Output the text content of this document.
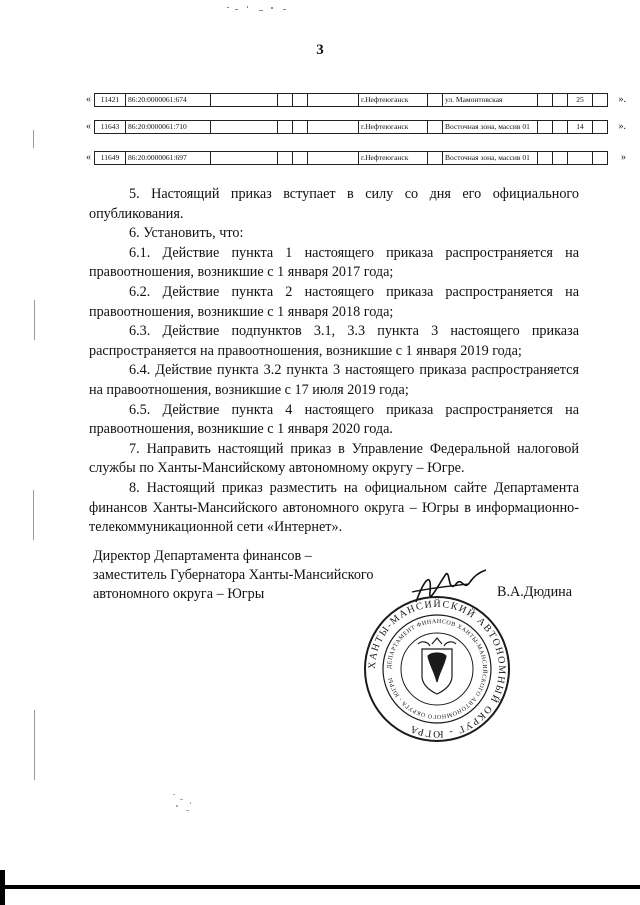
3
« 11421	86:20:0000061:674					г.Нефтеюганск		ул. Мамонтовская			25		».
« 11643	86:20:0000061:710					г.Нефтеюганск		Восточная зона, массив 01			14		».
« 11649	86:20:0000061:697					г.Нефтеюганск		Восточная зона, массив 01					»

5. Настоящий приказ вступает в силу со дня его официального опубликования.

6. Установить, что:

6.1. Действие пункта 1 настоящего приказа распространяется на правоотношения, возникшие с 1 января 2017 года;

6.2. Действие пункта 2 настоящего приказа распространяется на правоотношения, возникшие с 1 января 2018 года;

6.3. Действие подпунктов 3.1, 3.3 пункта 3 настоящего приказа распространяется на правоотношения, возникшие с 1 января 2019 года;

6.4. Действие пункта 3.2 пункта 3 настоящего приказа распространяется на правоотношения, возникшие с 17 июля 2019 года;

6.5. Действие пункта 4 настоящего приказа распространяется на правоотношения, возникшие с 1 января 2020 года.

7. Направить настоящий приказ в Управление Федеральной налоговой службы по Ханты-Мансийскому автономному округу – Югре.

8. Настоящий приказ разместить на официальном сайте Департамента финансов Ханты-Мансийского автономного округа – Югры в информационно-телекоммуникационной сети «Интернет».

Директор Департамента финансов –
заместитель Губернатора Ханты-Мансийского
автономного округа – Югры	В.А.Дюдина
ХАНТЫ-МАНСИЙСКИЙ АВТОНОМНЫЙ ОКРУГ - ЮГРА
ДЕПАРТАМЕНТ ФИНАНСОВ ХАНТЫ-МАНСИЙСКОГО АВТОНОМНОГО ОКРУГА - ЮГРЫ
